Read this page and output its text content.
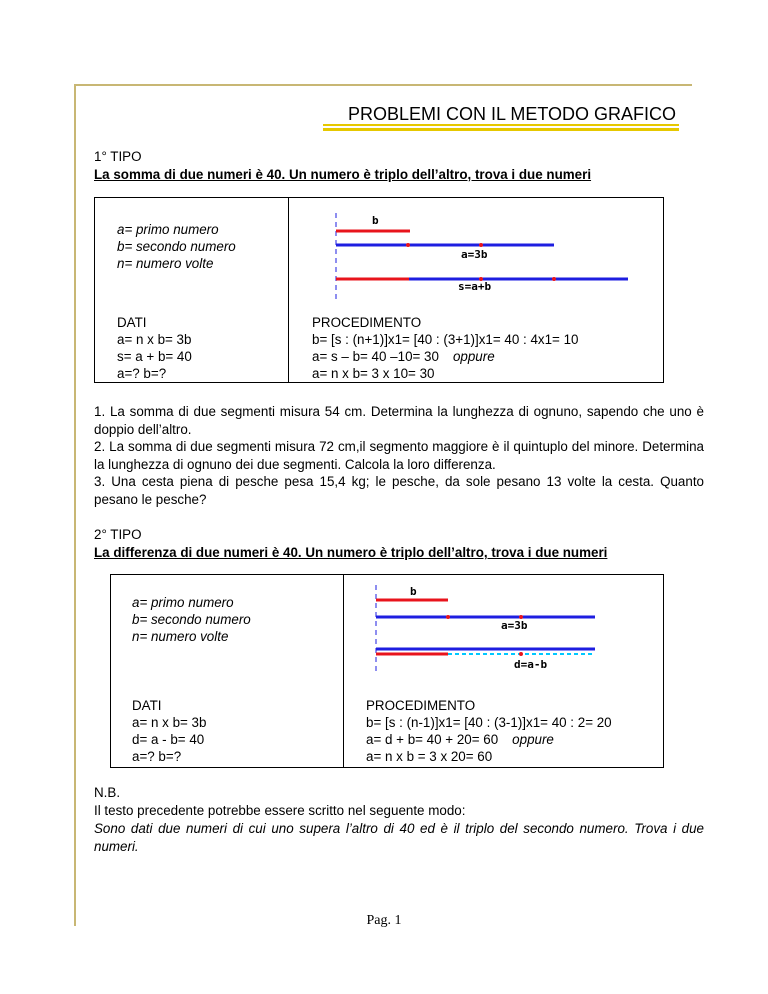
PROBLEMI CON IL METODO GRAFICO
1° TIPO
La somma di due numeri è 40. Un numero è triplo dell’altro, trova i due numeri
a= primo numero
b= secondo numero
n= numero volte
b
a=3b
s=a+b
DATI
a= n x b= 3b
s= a + b= 40
a=? b=?
PROCEDIMENTO
b= [s : (n+1)]x1= [40 : (3+1)]x1= 40 : 4x1= 10
a= s – b= 40 –10= 30 oppure
a= n x b= 3 x 10= 30
1. La somma di due segmenti misura 54 cm. Determina la lunghezza di ognuno, sapendo che uno è doppio dell’altro.
2. La somma di due segmenti misura 72 cm,il segmento maggiore è il quintuplo del minore. Determina la lunghezza di ognuno dei due segmenti. Calcola la loro differenza.
3. Una cesta piena di pesche pesa 15,4 kg; le pesche, da sole pesano 13 volte la cesta. Quanto pesano le pesche?
2° TIPO
La differenza di due numeri è 40. Un numero è triplo dell’altro, trova i due numeri
a= primo numero
b= secondo numero
n= numero volte
b
a=3b
d=a-b
DATI
a= n x b= 3b
d= a - b= 40
a=? b=?
PROCEDIMENTO
b= [s : (n-1)]x1= [40 : (3-1)]x1= 40 : 2= 20
a= d + b= 40 + 20= 60 oppure
a= n x b = 3 x 20= 60
N.B.
Il testo precedente potrebbe essere scritto nel seguente modo:
Sono dati due numeri di cui uno supera l’altro di 40 ed è il triplo del secondo numero. Trova i due numeri.
Pag. 1
